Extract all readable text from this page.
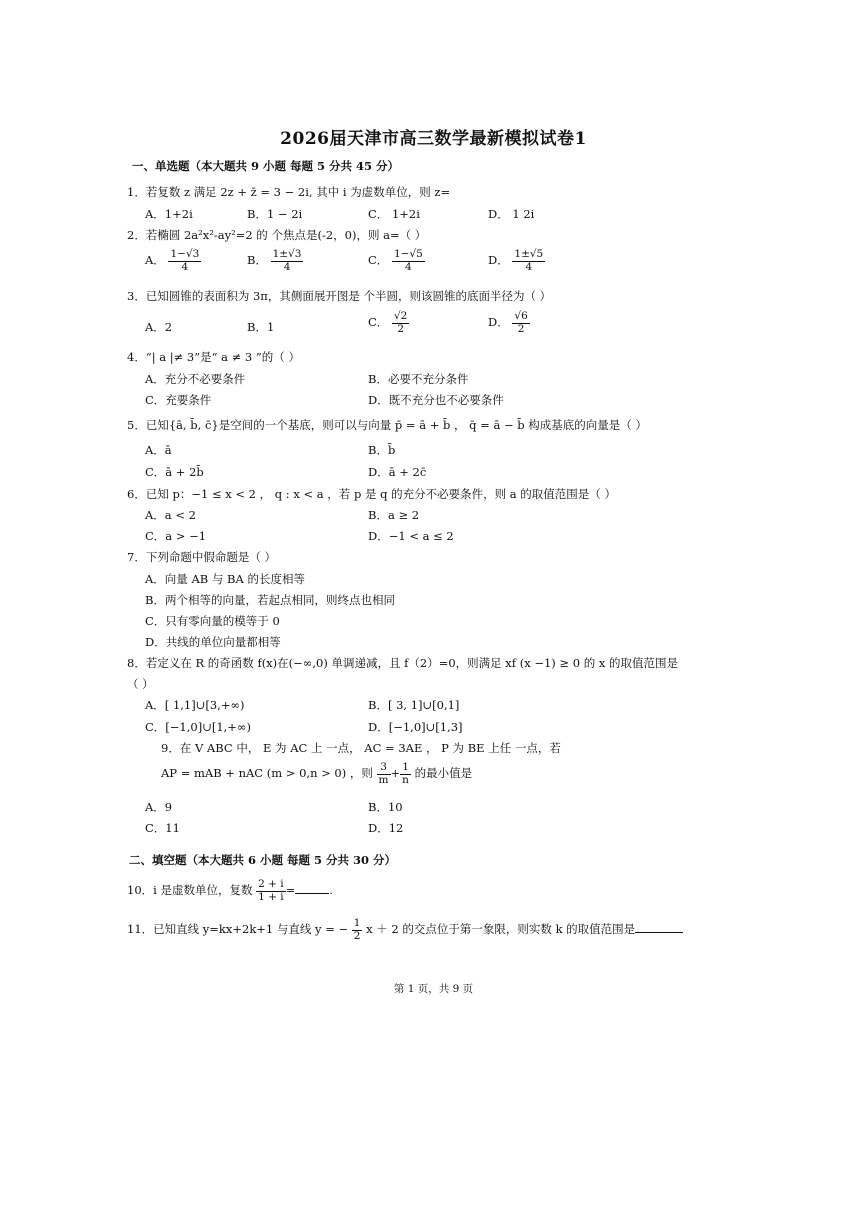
2026届天津市高三数学最新模拟试卷1
一、单选题（本大题共 9 小题 每题 5 分共 45 分）
1．若复数 z 满足 2z + z̄ = 3 − 2i, 其中 i 为虚数单位，则 z=
A．1+2i	B．1 − 2i	C． 1+2i	D． 1 2i
2．若椭圆 2a²x²-ay²=2 的 个焦点是(-2，0)，则 a=（ ）
A． $\frac{1-√3}{4}$	B． $\frac{1\pm√3}{4}$	C． $\frac{1-√5}{4}$	D． $\frac{1\pm√5}{4}$
3．已知圆锥的表面积为 3π，其侧面展开图是 个半圆，则该圆锥的底面半径为（ ）
A．2	B．1	C． $\frac{√2}{2}$	D． $\frac{√6}{2}$
4．“| a |≠ 3”是“ a ≠ 3 ”的（ ）
A．充分不必要条件	B．必要不充分条件
C．充要条件	D．既不充分也不必要条件
5．已知{ā, b̄, c̄}是空间的一个基底，则可以与向量 p̄ = ā + b̄ ， q̄ = ā − b̄ 构成基底的向量是（ ）
A．ā	B．b̄
C．ā + 2b̄	D．ā + 2c̄
6．已知 p：−1 ≤ x < 2 ， q : x < a ，若 p 是 q 的充分不必要条件，则 a 的取值范围是（ ）
A．a < 2	B．a ≥ 2
C．a > −1	D．−1 < a ≤ 2
7．下列命题中假命题是（ ）
A．向量 AB 与 BA 的长度相等
B．两个相等的向量，若起点相同，则终点也相同
C．只有零向量的模等于 0
D．共线的单位向量都相等
8．若定义在 R 的奇函数 f(x)在(−∞,0) 单调递减，且 f（2）=0，则满足 xf (x −1) ≥ 0 的 x 的取值范围是
（ ）
A．[ 1,1]∪[3,+∞)	B．[ 3, 1]∪[0,1]
C．[−1,0]∪[1,+∞)	D．[−1,0]∪[1,3]
9．在 V ABC 中， E 为 AC 上 一点， AC = 3AE ， P 为 BE 上任 一点，若
AP = mAB + nAC (m > 0,n > 0) ，则 $\frac{3}{m} + \frac{1}{n}$ 的最小值是
A．9	B．10
C．11	D．12
二、填空题（本大题共 6 小题 每题 5 分共 30 分）
10．i 是虚数单位，复数 $\frac{2 + i}{1 + i}$ =	.
11．已知直线 y=kx+2k+1 与直线 y = − $\frac{1}{2}$ x ＋ 2 的交点位于第一象限，则实数 k 的取值范围是
第 1 页，共 9 页
